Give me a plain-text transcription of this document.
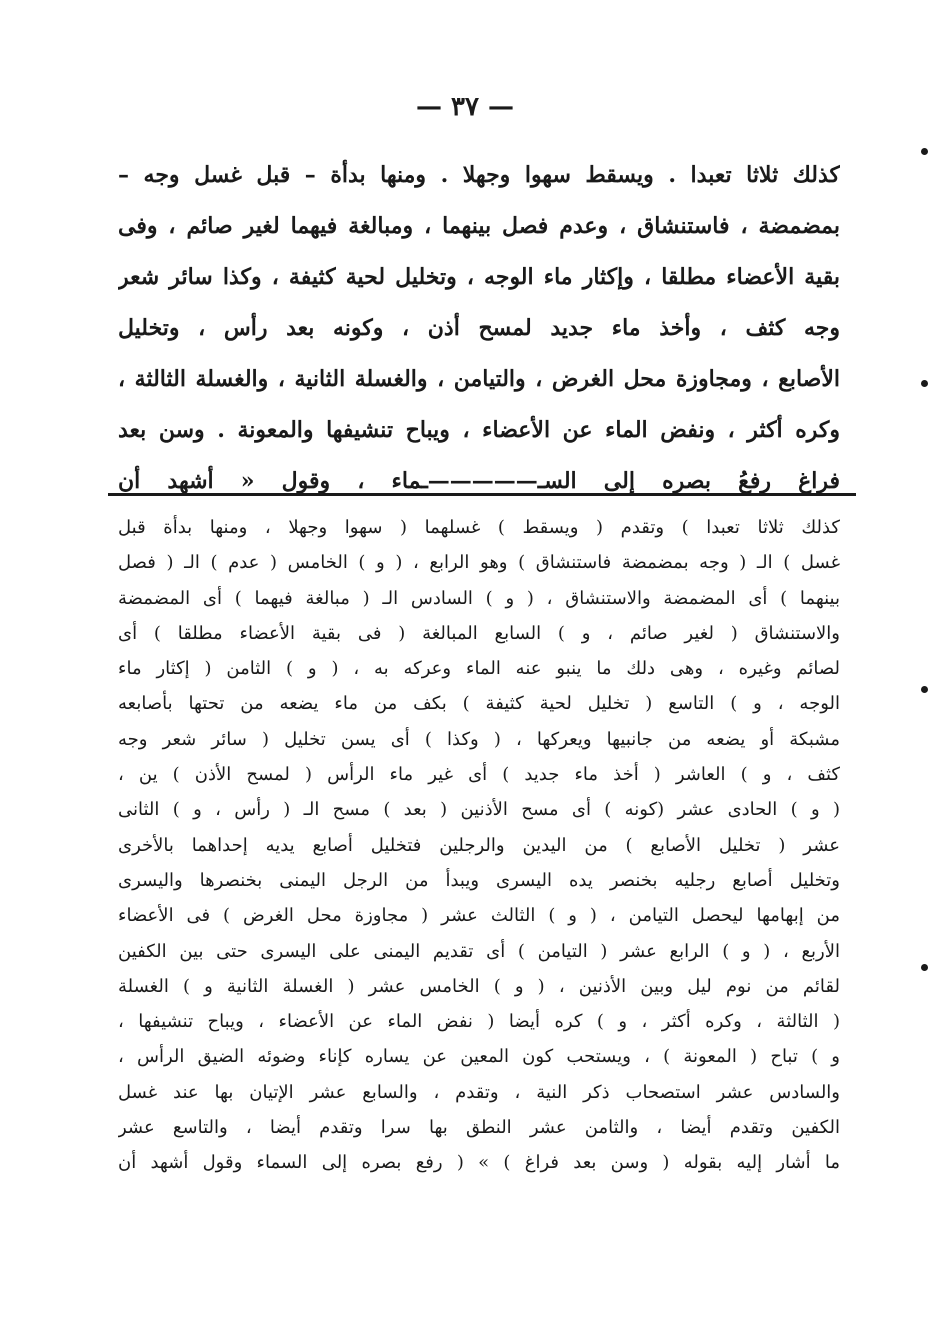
— ٣٧ —
كذلك ثلاثا تعبدا . ويسقط سهوا وجهلا . ومنها بدأة – قبل غسل وجه –
بمضمضة ، فاستنشاق ، وعدم فصل بينهما ، ومبالغة فيهما لغير صائم ، وفى
بقية الأعضاء مطلقا ، وإكثار ماء الوجه ، وتخليل لحية كثيفة ، وكذا سائر شعر
وجه كثف ، وأخذ ماء جديد لمسح أذن ، وكونه بعد رأس ، وتخليل
الأصابع ، ومجاوزة محل الغرض ، والتيامن ، والغسلة الثانية ، والغسلة الثالثة ،
وكره أكثر ، ونفض الماء عن الأعضاء ، ويباح تنشيفها والمعونة . وسن بعد
فراغ رفعُ بصره إلى السـ—————ـماء ، وقول « أشهد أن
كذلك ثلاثا تعبدا ) وتقدم ( ويسقط ) غسلهما ( سهوا وجهلا ، ومنها بدأة قبل
غسل ) الـ ( وجه بمضمضة فاستنشاق ) وهو الرابع ، ( و ) الخامس ( عدم ) الـ ( فصل
بينهما ) أى المضمضة والاستنشاق ، ( و ) السادس الـ ( مبالغة فيهما ) أى المضمضة
والاستنشاق ( لغير صائم ، و ) السابع المبالغة ( فى بقية الأعضاء مطلقا ) أى
لصائم وغيره ، وهى دلك ما ينبو عنه الماء وعركه به ، ( و ) الثامن ( إكثار ماء
الوجه ، و ) التاسع ( تخليل لحية كثيفة ) بكف من ماء يضعه من تحتها بأصابعه
مشبكة أو يضعه من جانبيها ويعركها ، ( وكذا ) أى يسن تخليل ( سائر شعر وجه
كثف ، و ) العاشر ( أخذ ماء جديد ) أى غير ماء الرأس ( لمسح الأذن ) ين ،
( و ) الحادى عشر (كونه ) أى مسح الأذنين ( بعد ) مسح الـ ( رأس ، و ) الثانى
عشر ( تخليل الأصابع ) من اليدين والرجلين فتخليل أصابع يديه إحداهما بالأخرى
وتخليل أصابع رجليه بخنصر يده اليسرى ويبدأ من الرجل اليمنى بخنصرها واليسرى
من إبهامها ليحصل التيامن ، ( و ) الثالث عشر ( مجاوزة محل الغرض ) فى الأعضاء
الأربع ، ( و ) الرابع عشر ( التيامن ) أى تقديم اليمنى على اليسرى حتى بين الكفين
لقائم من نوم ليل وبين الأذنين ، ( و ) الخامس عشر ( الغسلة الثانية و ) الغسلة
( الثالثة ، وكره أكثر ، و ) كره أيضا ( نفض الماء عن الأعضاء ، ويباح تنشيفها ،
و ) تباح ( المعونة ) ، ويستحب كون المعين عن يساره كإناء وضوئه الضيق الرأس ،
والسادس عشر استصحاب ذكر النية ، وتقدم ، والسابع عشر الإتيان بها عند غسل
الكفين وتقدم أيضا ، والثامن عشر النطق بها سرا وتقدم أيضا ، والتاسع عشر
ما أشار إليه بقوله ( وسن بعد فراغ ) » ( رفع بصره إلى السماء وقول أشهد أن
